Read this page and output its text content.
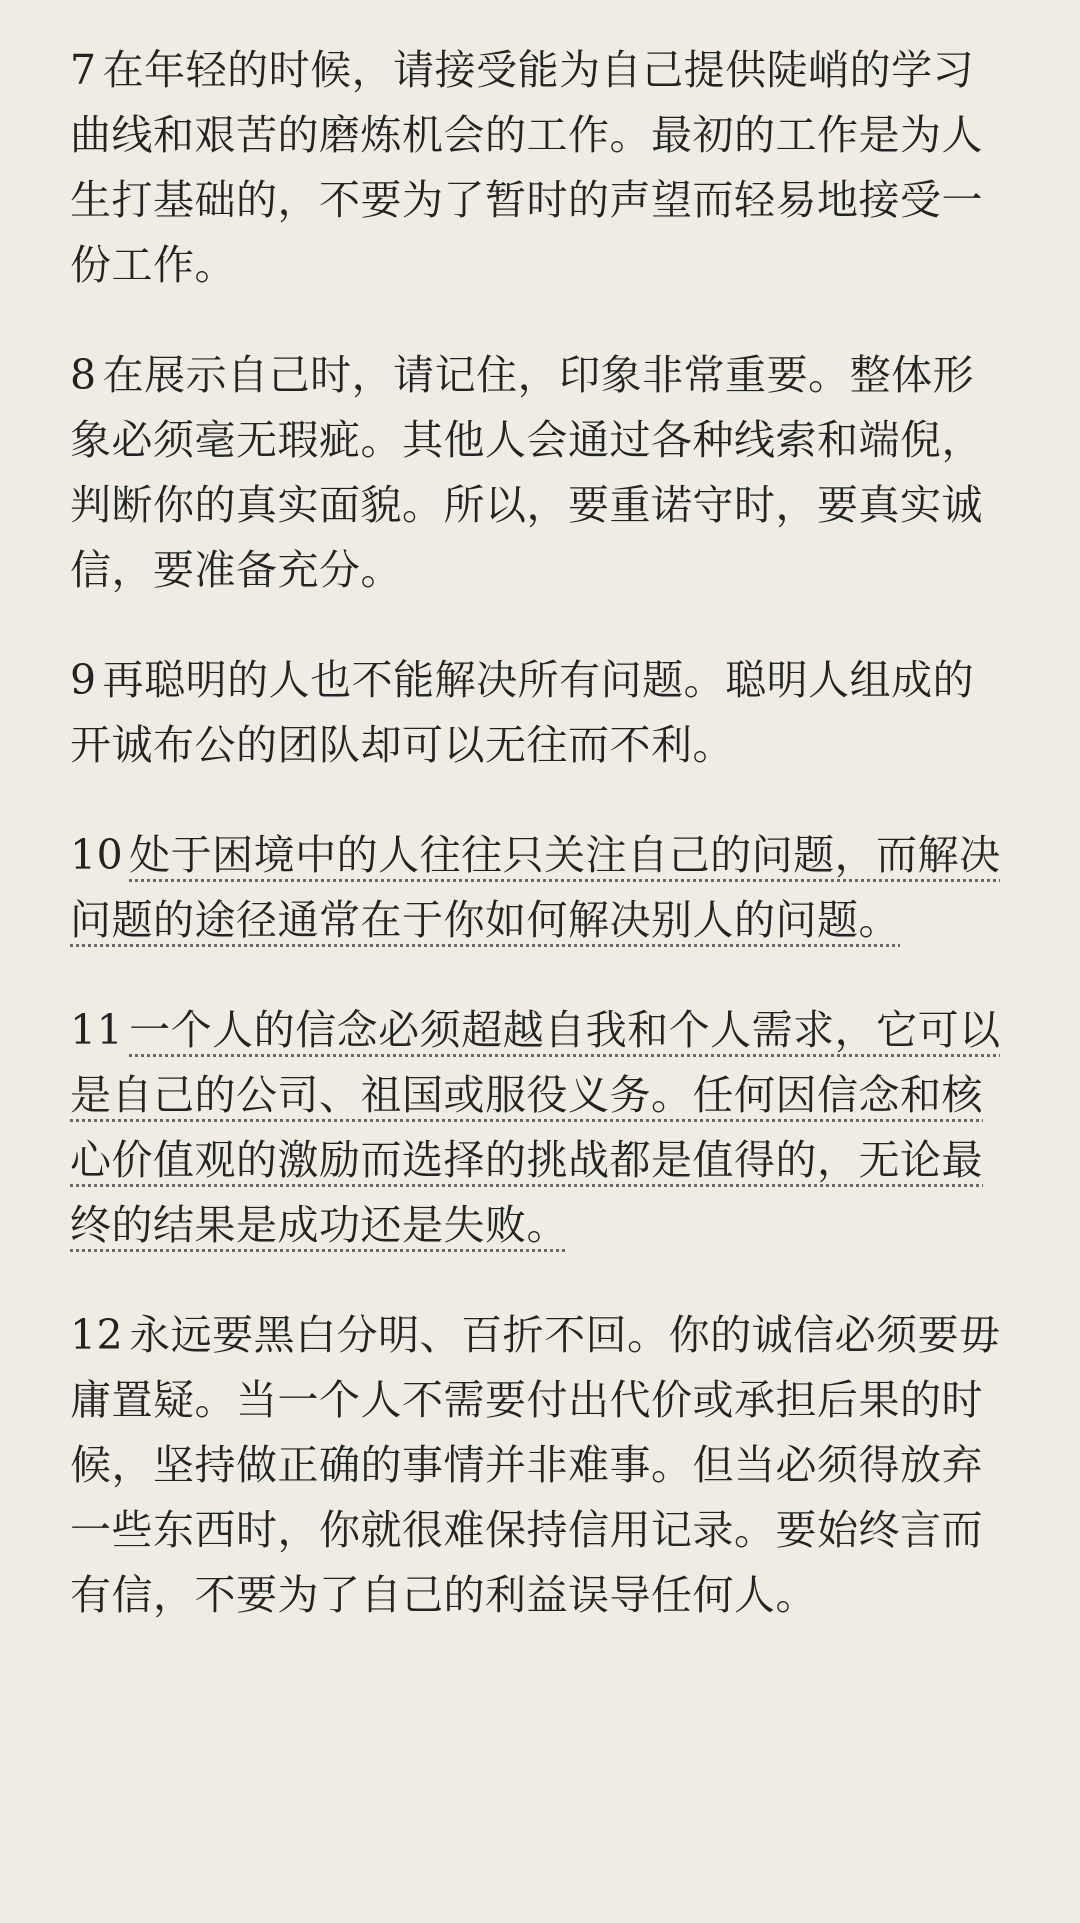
7 在年轻的时候，请接受能为自己提供陡峭的学习曲线和艰苦的磨炼机会的工作。最初的工作是为人生打基础的，不要为了暂时的声望而轻易地接受一份工作。

8 在展示自己时，请记住，印象非常重要。整体形象必须毫无瑕疵。其他人会通过各种线索和端倪，判断你的真实面貌。所以，要重诺守时，要真实诚信，要准备充分。

9 再聪明的人也不能解决所有问题。聪明人组成的开诚布公的团队却可以无往而不利。

10 处于困境中的人往往只关注自己的问题，而解决问题的途径通常在于你如何解决别人的问题。

11 一个人的信念必须超越自我和个人需求，它可以是自己的公司、祖国或服役义务。任何因信念和核心价值观的激励而选择的挑战都是值得的，无论最终的结果是成功还是失败。

12 永远要黑白分明、百折不回。你的诚信必须要毋庸置疑。当一个人不需要付出代价或承担后果的时候，坚持做正确的事情并非难事。但当必须得放弃一些东西时，你就很难保持信用记录。要始终言而有信，不要为了自己的利益误导任何人。
